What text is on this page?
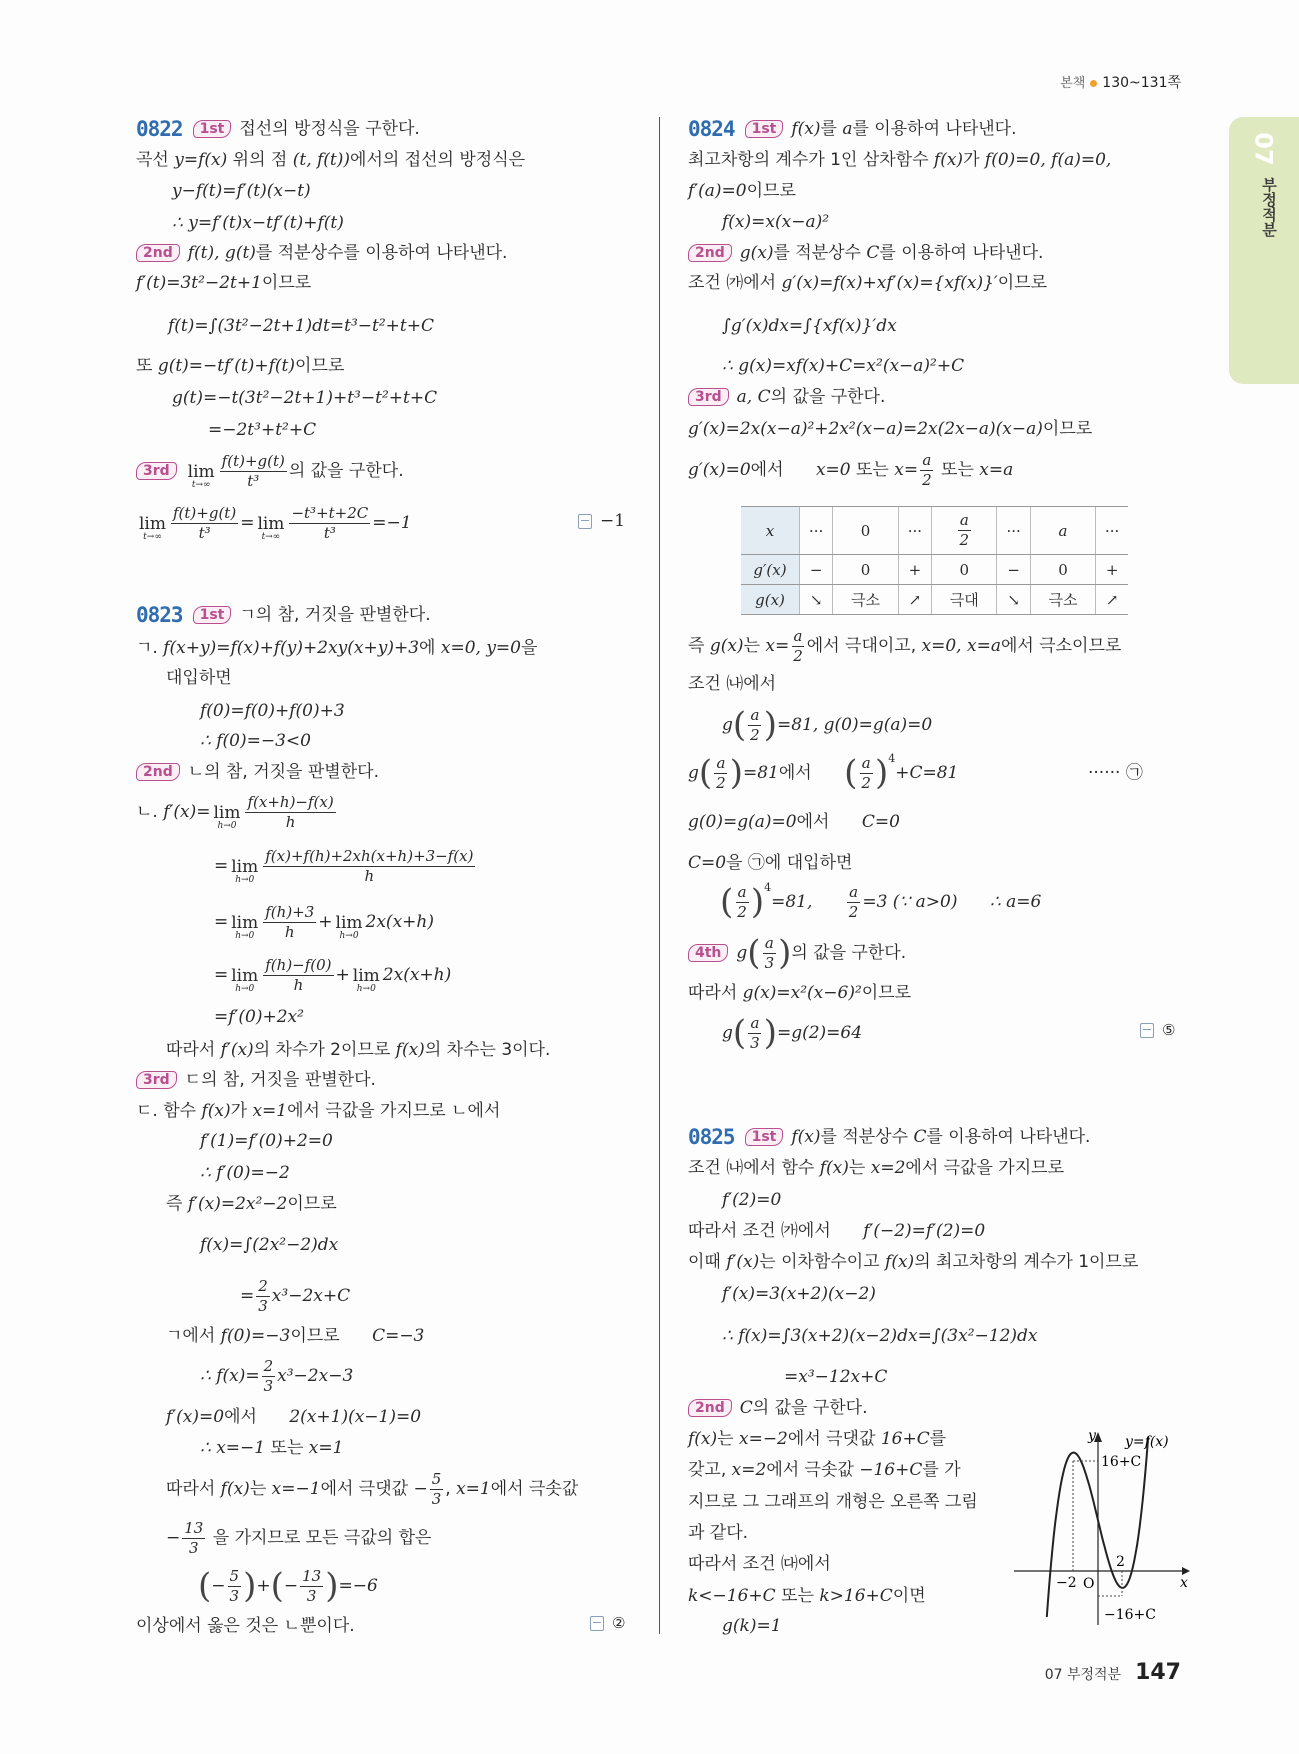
본책 130~131쪽
07
부정적분
0822	1st 접선의 방정식을 구한다.
곡선 y=f(x) 위의 점 (t, f(t)) 에서의 접선의 방정식은
y−f(t)=f′(t)(x−t)
∴ y=f′(t)x−tf′(t)+f(t)
2nd f(t), g(t) 를 적분상수를 이용하여 나타낸다.
f′(t)=3t²−2t+1 이므로
f(t)=∫(3t²−2t+1)dt=t³−t²+t+C
또 g(t)=−tf′(t)+f(t) 이므로
g(t)=−t(3t²−2t+1)+t³−t²+t+C
=−2t³+t²+C
3rd	lim
$t\to\infty \frac{f(t)+g(t)}{\text{t³}}$ 의 값을 구한다.
lim
$t\to\infty \frac{f(t)+g(t)}{\text{t³}} = \lim$
$t\to\infty \frac{\text{−t³+t+2C}}{\text{t³}} =-1$	−1
0823	1st ㄱ의 참, 거짓을 판별한다.
ㄱ. f(x+y)=f(x)+f(y)+2xy(x+y)+3 에 x=0, y=0 을
대입하면
f(0)=f(0)+f(0)+3
∴ f(0)=−3<0
2nd ㄴ의 참, 거짓을 판별한다.
ㄴ. f′(x)= lim
$h\to 0 \frac{f(x+h)-f(x)}{h}$
= lim
$h\to 0 \frac{f(x)+f(h)+2xh(x+h)+3-f(x)}{h}$
= lim
$h\to 0 \frac{f(h)+3}{h} + \lim$
h→0
2x(x+h)
= lim
$h\to 0 \frac{f(h)-f(0)}{h} + \lim$
h→0
2x(x+h)
=f′(0)+2x²
따라서 f′(x) 의 차수가 2이므로 f(x) 의 차수는 3이다.
3rd ㄷ의 참, 거짓을 판별한다.
ㄷ. 함수 f(x) 가 x=1 에서 극값을 가지므로 ㄴ에서
f′(1)=f′(0)+2=0
∴ f′(0)=−2
즉 f′(x)=2x²−2 이므로
f(x)=∫(2x²−2)dx
= $\frac{2}{3} x^3-2x+C$
ㄱ에서 f(0)=−3 이므로 C=−3
∴ $f(x)= \frac{2}{3} x^3-2x-3$
f′(x)=0 에서 2(x+1)(x−1)=0
∴ x=−1 또는 x=1
따라서 f(x) 는 x=−1 에서 극댓값 − $\frac{5}{3}$ , x=1 에서 극솟값
− $\frac{13}{3}$ 을 가지므로 모든 극값의 합은
( − $\frac{5}{3}$ ) + ( − $\frac{13}{3}$ ) =−6
이상에서 옳은 것은 ㄴ뿐이다.	②
0824	1st f(x) 를 a 를 이용하여 나타낸다.
최고차항의 계수가 1인 삼차함수 f(x) 가 f(0)=0, f(a)=0,
f′(a)=0 이므로
f(x)=x(x−a)²
2nd g(x) 를 적분상수 C 를 이용하여 나타낸다.
조건 ㈎에서 g′(x)=f(x)+xf′(x)={xf(x)}′ 이므로
∫g′(x)dx=∫{xf(x)}′dx
∴ g(x)=xf(x)+C=x²(x−a)²+C
3rd a, C 의 값을 구한다.
g′(x)=2x(x−a)²+2x²(x−a)=2x(2x−a)(x−a) 이므로
g′(x)=0 에서 x=0 또는 $x= \frac{a}{2}$ 또는 x=a
x	···	0	···	$\frac{a}{2}$	···	a	···
g′(x)	−	0	+	0	−	0	+
g(x)	↘	극소	↗	극대	↘	극소	↗
즉 g(x) 는 $x= \frac{a}{2}$ 에서 극대이고, x=0, x=a 에서 극소이므로
조건 ㈏에서
g ( $\frac{a}{2}$ ) =81, g(0)=g(a)=0
g ( $\frac{a}{2}$ ) =81 에서 ( $\frac{a}{2}$ ) 4
+C=81	······ ㉠
g(0)=g(a)=0 에서 C=0
C=0 을 ㉠에 대입하면
( $\frac{a}{2}$ ) 4
=81, $\frac{a}{2} =3$ (∵ a>0)      ∴ a=6
4th g ( $\frac{a}{3}$ ) 의 값을 구한다.
따라서 g(x)=x²(x−6)² 이므로
g ( $\frac{a}{3}$ ) =g(2)=64	⑤
0825	1st f(x) 를 적분상수 C 를 이용하여 나타낸다.
조건 ㈏에서 함수 f(x) 는 x=2 에서 극값을 가지므로
f′(2)=0
따라서 조건 ㈎에서 f′(−2)=f′(2)=0
이때 f′(x) 는 이차함수이고 f(x) 의 최고차항의 계수가 1이므로
f′(x)=3(x+2)(x−2)
∴ f(x)=∫3(x+2)(x−2)dx=∫(3x²−12)dx
=x³−12x+C
2nd C 의 값을 구한다.
f(x) 는 x=−2 에서 극댓값 16+C 를
갖고, x=2 에서 극솟값 −16+C 를 가
지므로 그 그래프의 개형은 오른쪽 그림
과 같다.
따라서 조건 ㈐에서
k<−16+C 또는 k>16+C 이면
g(k)=1
y
x
y=f(x)
16+C
−16+C
−2 O
2
07 부정적분 147
